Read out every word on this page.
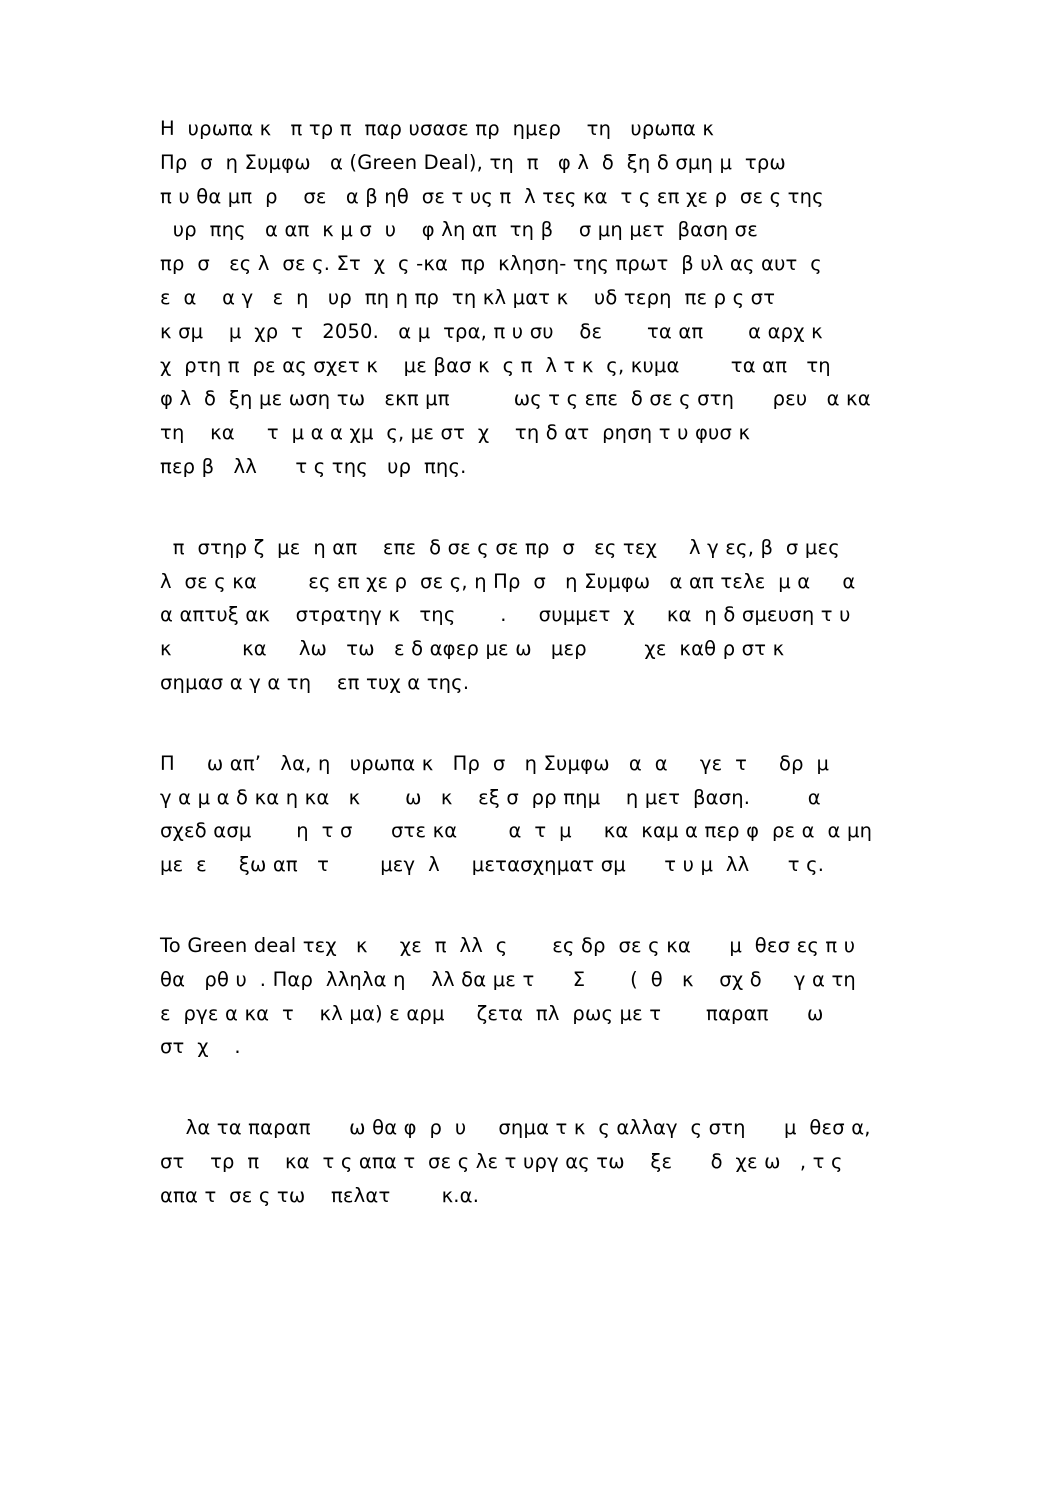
Η  υρωπα κ   π τρ π  παρ υσασε πρ  ημερ    τη   υρωπα κ
Πρ  σ  η Συμφω   α (Green Deal), τη  π   φ λ  δ  ξη δ σμη μ  τρω
π υ θα μπ  ρ    σε   α β ηθ  σε τ υς π  λ τες κα  τ ς επ χε ρ  σε ς της
υρ  πης   α απ  κ μ σ  υ    φ λη απ  τη β    σ μη μετ  βαση σε
πρ  σ   ες λ  σε ς. Στ  χ  ς -κα  πρ  κληση- της πρωτ  β υλ ας αυτ  ς
ε  α    α γ   ε  η   υρ  πη η πρ  τη κλ ματ κ    υδ τερη  πε ρ ς στ
κ σμ    μ  χρ  τ   2050.   α μ  τρα, π υ συ    δε       τα απ       α αρχ κ
χ  ρτη π  ρε ας σχετ κ    με βασ κ  ς π  λ τ κ  ς, κυμα        τα απ   τη
φ λ  δ  ξη με ωση τω   εκπ μπ          ως τ ς επε  δ σε ς στη      ρευ   α κα
τη    κα     τ  μ α α χμ  ς, με στ  χ    τη δ ατ  ρηση τ υ φυσ κ
περ β   λλ      τ ς της   υρ  πης.
π  στηρ ζ  με  η απ    επε  δ σε ς σε πρ  σ   ες τεχ     λ γ ες, β  σ μες
λ  σε ς κα        ες επ χε ρ  σε ς, η Πρ  σ   η Συμφω   α απ τελε  μ α     α
α απτυξ ακ    στρατηγ κ   της       .     συμμετ  χ     κα  η δ σμευση τ υ
κ           κα     λω   τω   ε δ αφερ με ω   μερ         χε  καθ ρ στ κ
σημασ α γ α τη    επ τυχ α της.
Π     ω απ’   λα, η   υρωπα κ   Πρ  σ   η Συμφω   α  α     γε  τ     δρ  μ
γ α μ α δ κα η κα   κ       ω   κ    εξ σ  ρρ πημ    η μετ  βαση.         α
σχεδ ασμ       η  τ σ      στε κα        α  τ  μ     κα  καμ α περ φ  ρε α  α μη
με  ε     ξω απ   τ        μεγ  λ     μετασχηματ σμ      τ υ μ  λλ      τ ς.
To Green deal τεχ   κ     χε  π  λλ  ς       ες δρ  σε ς κα      μ  θεσ ες π υ
θα   ρθ υ  . Παρ  λληλα η    λλ δα με τ      Σ       (  θ   κ    σχ δ     γ α τη
ε  ργε α κα  τ    κλ μα) ε αρμ     ζετα  πλ  ρως με τ       παραπ      ω
στ  χ    .
λα τα παραπ      ω θα φ  ρ  υ     σημα τ κ  ς αλλαγ  ς στη      μ  θεσ α,
στ    τρ  π    κα  τ ς απα τ  σε ς λε τ υργ ας τω    ξε      δ  χε ω   , τ ς
απα τ  σε ς τω    πελατ        κ.α.
